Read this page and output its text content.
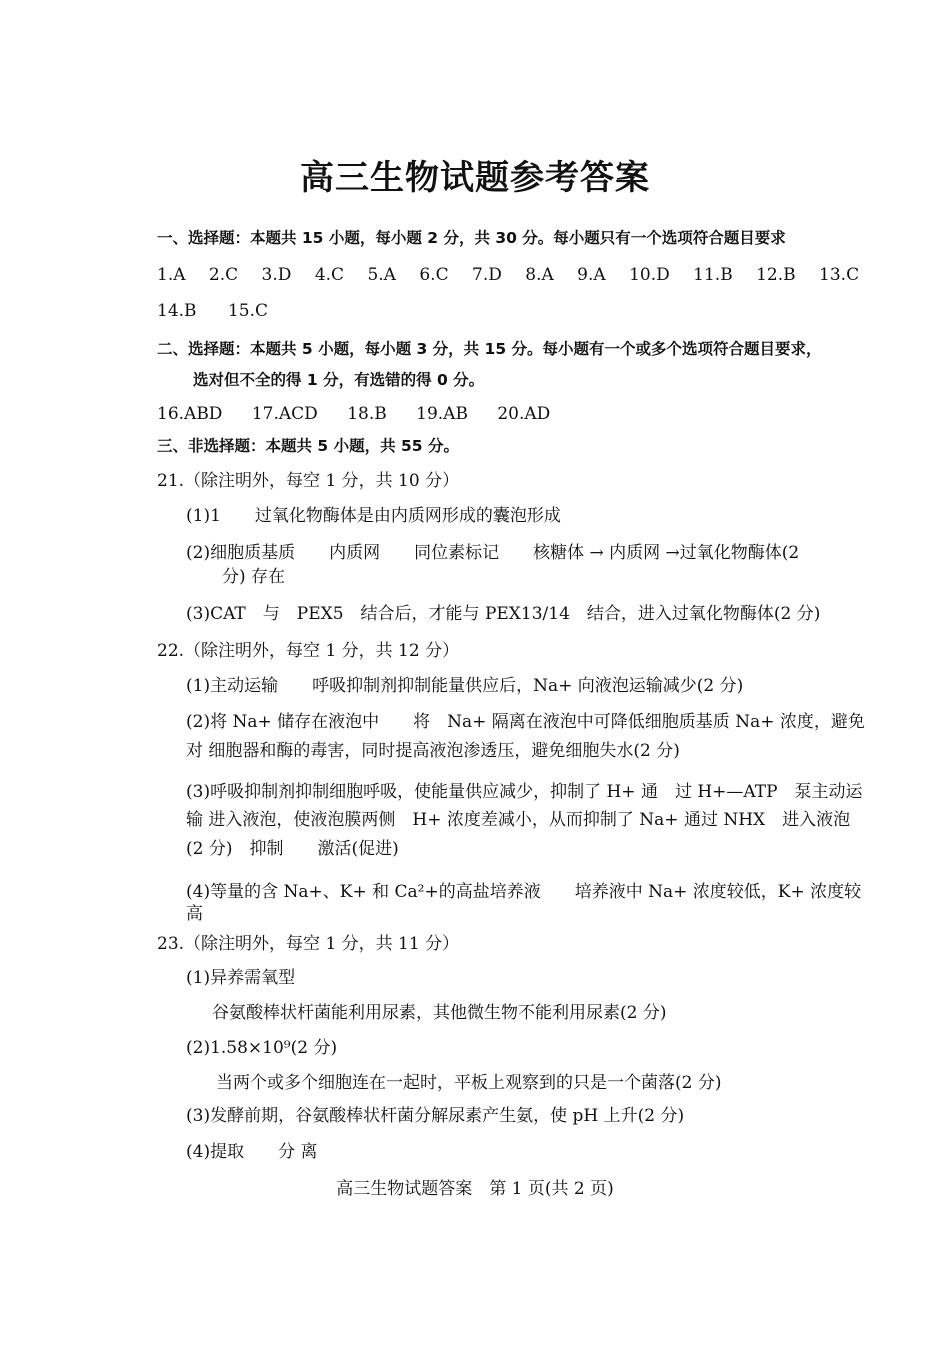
高三生物试题参考答案
一、选择题：本题共 15 小题，每小题 2 分，共 30 分。每小题只有一个选项符合题目要求
1.A 2.C 3.D 4.C 5.A 6.C 7.D 8.A 9.A 10.D 11.B 12.B 13.C
14.B 15.C
二、选择题：本题共 5 小题，每小题 3 分，共 15 分。每小题有一个或多个选项符合题目要求，
选对但不全的得 1 分，有选错的得 0 分。
16.ABD 17.ACD 18.B 19.AB 20.AD
三、非选择题：本题共 5 小题，共 55 分。
21.（除注明外，每空 1 分，共 10 分）
(1)1　　过氧化物酶体是由内质网形成的囊泡形成
(2)细胞质基质　　内质网　　同位素标记　　核糖体 → 内质网 →过氧化物酶体(2
分) 存在
(3)CAT　与　PEX5　结合后，才能与 PEX13/14　结合，进入过氧化物酶体(2 分)
22.（除注明外，每空 1 分，共 12 分）
(1)主动运输　　呼吸抑制剂抑制能量供应后，Na+ 向液泡运输减少(2 分)
(2)将 Na+ 储存在液泡中　　将　Na+ 隔离在液泡中可降低细胞质基质 Na+ 浓度，避免
对 细胞器和酶的毒害，同时提高液泡渗透压，避免细胞失水(2 分)
(3)呼吸抑制剂抑制细胞呼吸，使能量供应减少，抑制了 H+ 通　过 H+—ATP　泵主动运
输 进入液泡，使液泡膜两侧　H+ 浓度差减小，从而抑制了 Na+ 通过 NHX　进入液泡
(2 分)　抑制　　激活(促进)
(4)等量的含 Na+、K+ 和 Ca²+的高盐培养液　　培养液中 Na+ 浓度较低，K+ 浓度较
高
23.（除注明外，每空 1 分，共 11 分）
(1)异养需氧型
谷氨酸棒状杆菌能利用尿素，其他微生物不能利用尿素(2 分)
(2)1.58×10⁹(2 分)
当两个或多个细胞连在一起时，平板上观察到的只是一个菌落(2 分)
(3)发酵前期，谷氨酸棒状杆菌分解尿素产生氨，使 pH 上升(2 分)
(4)提取　　分 离
高三生物试题答案　第 1 页(共 2 页)
